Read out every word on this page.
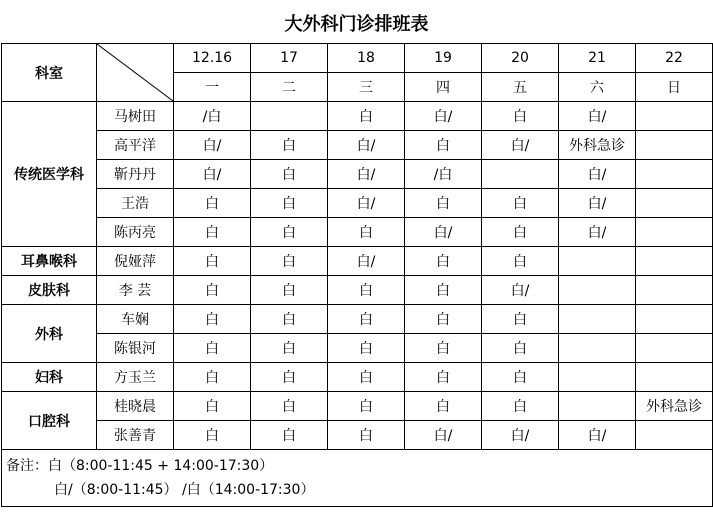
大外科门诊排班表
科室		12.16	17	18	19	20	21	22
		一	二	三	四	五	六	日
传统医学科	马树田	/白		白	白/	白	白/	
	高平洋	白/	白	白/	白	白/	外科急诊	
	靳丹丹	白/	白	白/	/白		白/	
	王浩	白	白	白/	白	白	白/	
	陈丙亮	白	白	白	白/	白	白/	
耳鼻喉科	倪娅萍	白	白	白/	白	白		
皮肤科	李 芸	白	白	白	白	白/		
外科	车娴	白	白	白	白	白		
	陈银河	白	白	白	白	白		
妇科	方玉兰	白	白	白	白	白		
口腔科	桂晓晨	白	白	白	白	白		外科急诊
	张善青	白	白	白	白/	白/	白/	

备注：白（8:00-11:45 + 14:00-17:30）
白/（8:00-11:45） /白（14:00-17:30）								
